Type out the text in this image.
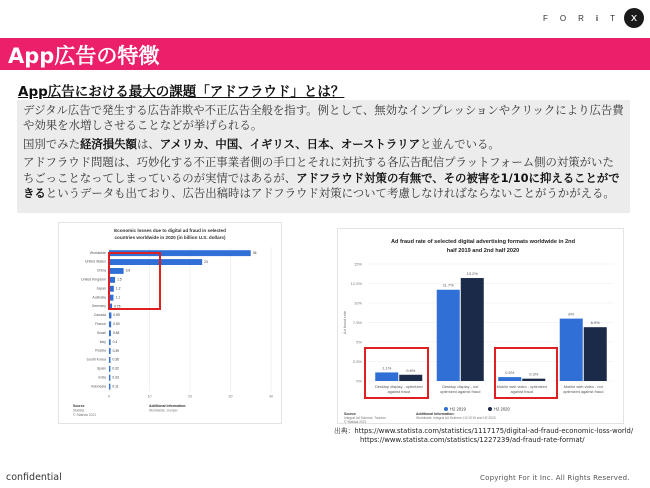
F O R i T	ⅹ
App広告の特徴
App広告における最大の課題「アドフラウド」とは？

デジタル広告で発生する広告詐欺や不正広告全般を指す。例として、無効なインプレッションやクリックにより広告費や効果を水増しさせることなどが挙げられる。

国別でみた経済損失額は、アメリカ、中国、イギリス、日本、オーストラリアと並んでいる。

アドフラウド問題は、巧妙化する不正事業者側の手口とそれに対抗する各広告配信プラットフォーム側の対策がいたちごっことなってしまっているのが実情ではあるが、アドフラウド対策の有無で、その被害を1/10に抑えることができるというデータも出ており、広告出稿時はアドフラウド対策について考慮しなければならないことがうかがえる。

Economic losses due to digital ad fraud in selected
countries worldwide in 2020 (in billion U.S. dollars)
0	10	20	30	40
Worldwide	35
United States	23
China	3.6
United Kingdom	1.5
Japan	1.2
Australia	1.1
Germany 0.75
Canada 0.59
France 0.53
Brazil 0.48
Italy 0.4
Russia 0.39
South Korea 0.36
Spain 0.32
India 0.33
Indonesia 0.11
Source
Statista
© Statista 2021
Additional Information:
Worldwide; Juniper
Ad fraud rate of selected digital advertising formats worldwide in 2nd
half 2019 and 2nd half 2020
0%
2.5%
5%
7.5%
10%
12.5%
15%
Ad fraud rate
1.1%	0.8%
Desktop display - optimized
against fraud
11.7%
13.2%
Desktop display - not
optimized against fraud
0.5%	0.3%
Mobile web video - optimized
against fraud
8%
6.9%
Mobile web video - not
optimized against fraud
H2 2019	H2 2020
Source
Integral Ad Science; Tourism
© Statista 2021
Additional Information:
Worldwide; Integral Ad Science; H2 2019 and H2 2020
出典：https://www.statista.com/statistics/1117175/digital-ad-fraud-economic-loss-world/
https://www.statista.com/statistics/1227239/ad-fraud-rate-format/
confidential	Copyright For it Inc. All Rights Reserved.
